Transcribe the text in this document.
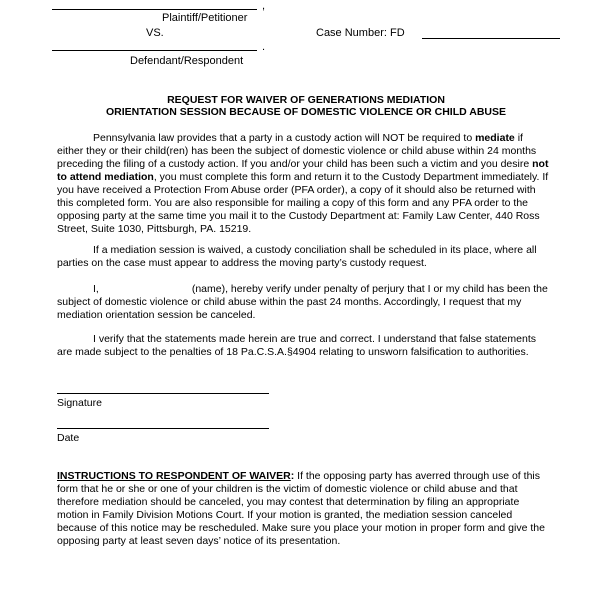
,
Plaintiff/Petitioner
VS.	Case Number: FD
.
Defendant/Respondent
REQUEST FOR WAIVER OF GENERATIONS MEDIATION
ORIENTATION SESSION BECAUSE OF DOMESTIC VIOLENCE OR CHILD ABUSE
Pennsylvania law provides that a party in a custody action will NOT be required to mediate if either they or their child(ren) has been the subject of domestic violence or child abuse within 24 months preceding the filing of a custody action. If you and/or your child has been such a victim and you desire not to attend mediation, you must complete this form and return it to the Custody Department immediately. If you have received a Protection From Abuse order (PFA order), a copy of it should also be returned with this completed form. You are also responsible for mailing a copy of this form and any PFA order to the opposing party at the same time you mail it to the Custody Department at: Family Law Center, 440 Ross Street, Suite 1030, Pittsburgh, PA. 15219.
If a mediation session is waived, a custody conciliation shall be scheduled in its place, where all parties on the case must appear to address the moving party’s custody request.
I,	(name), hereby verify under penalty of perjury that I or my child has been the subject of domestic violence or child abuse within the past 24 months. Accordingly, I request that my mediation orientation session be canceled.
I verify that the statements made herein are true and correct. I understand that false statements are made subject to the penalties of 18 Pa.C.S.A.§4904 relating to unsworn falsification to authorities.
Signature
Date
INSTRUCTIONS TO RESPONDENT OF WAIVER: If the opposing party has averred through use of this form that he or she or one of your children is the victim of domestic violence or child abuse and that therefore mediation should be canceled, you may contest that determination by filing an appropriate motion in Family Division Motions Court. If your motion is granted, the mediation session canceled because of this notice may be rescheduled. Make sure you place your motion in proper form and give the opposing party at least seven days’ notice of its presentation.
